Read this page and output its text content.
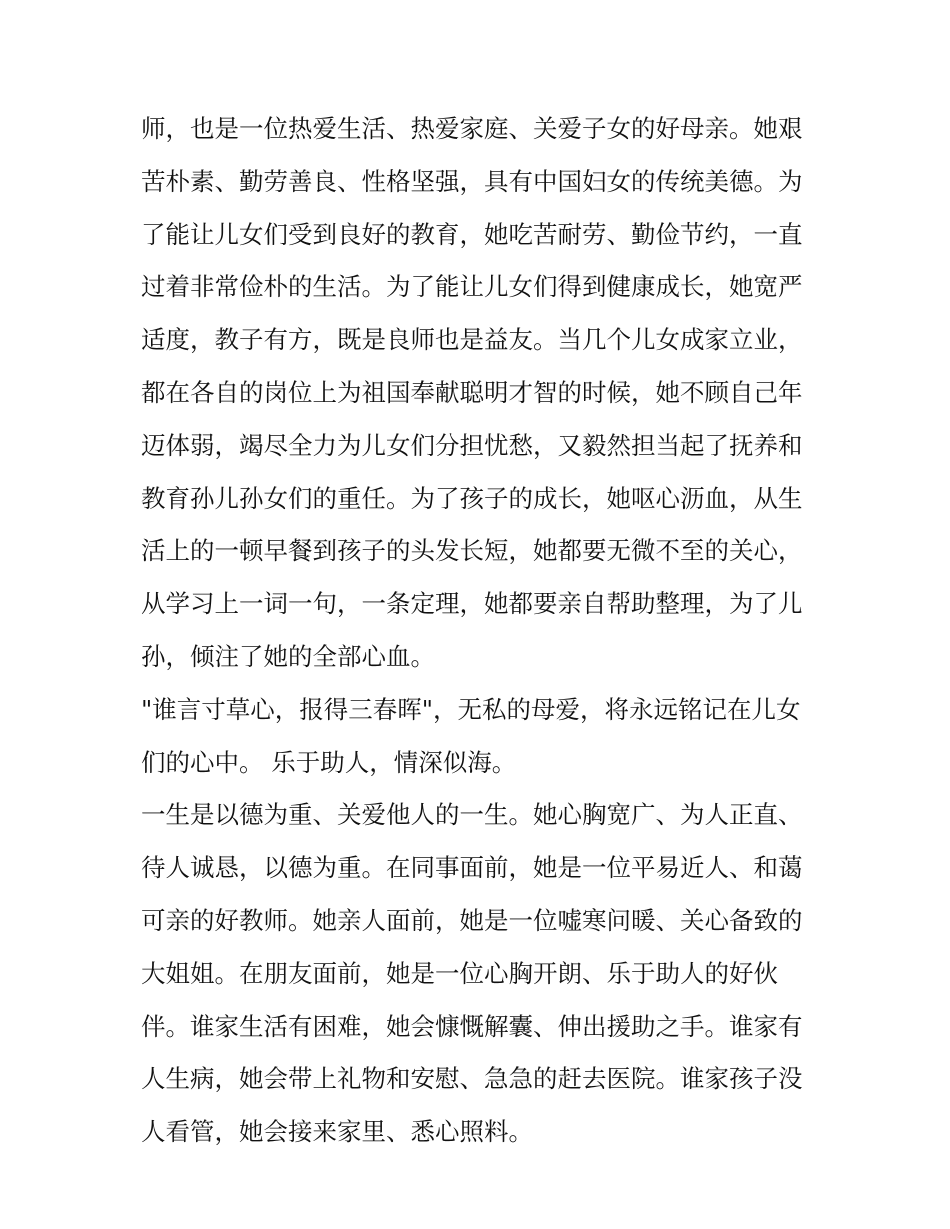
师，也是一位热爱生活、热爱家庭、关爱子女的好母亲。她艰

苦朴素、勤劳善良、性格坚强，具有中国妇女的传统美德。为

了能让儿女们受到良好的教育，她吃苦耐劳、勤俭节约，一直

过着非常俭朴的生活。为了能让儿女们得到健康成长，她宽严

适度，教子有方，既是良师也是益友。当几个儿女成家立业，

都在各自的岗位上为祖国奉献聪明才智的时候，她不顾自己年

迈体弱，竭尽全力为儿女们分担忧愁，又毅然担当起了抚养和

教育孙儿孙女们的重任。为了孩子的成长，她呕心沥血，从生

活上的一顿早餐到孩子的头发长短，她都要无微不至的关心，

从学习上一词一句，一条定理，她都要亲自帮助整理，为了儿

孙，倾注了她的全部心血。

"谁言寸草心，报得三春晖"，无私的母爱，将永远铭记在儿女

们的心中。 乐于助人，情深似海。

一生是以德为重、关爱他人的一生。她心胸宽广、为人正直、

待人诚恳，以德为重。在同事面前，她是一位平易近人、和蔼

可亲的好教师。她亲人面前，她是一位嘘寒问暖、关心备致的

大姐姐。在朋友面前，她是一位心胸开朗、乐于助人的好伙

伴。谁家生活有困难，她会慷慨解囊、伸出援助之手。谁家有

人生病，她会带上礼物和安慰、急急的赶去医院。谁家孩子没

人看管，她会接来家里、悉心照料。
